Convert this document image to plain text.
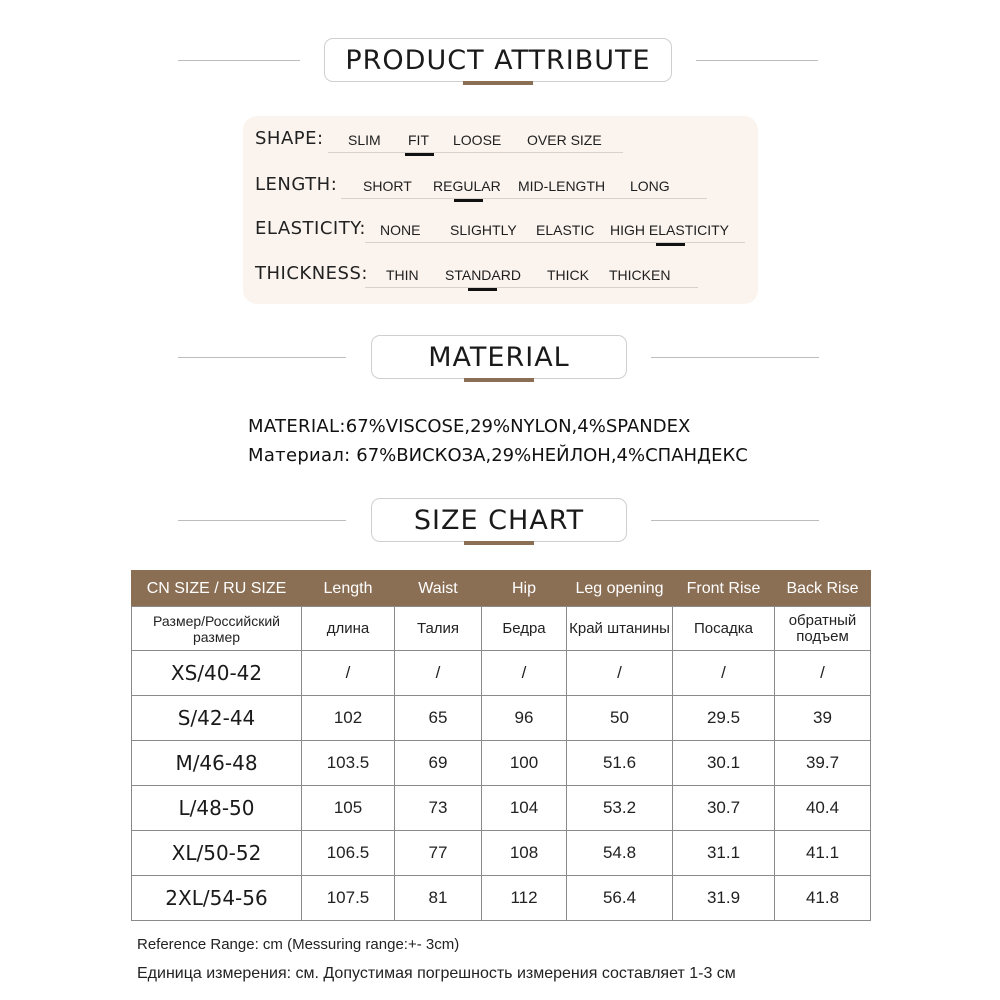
PRODUCT ATTRIBUTE
SHAPE: SLIM FIT LOOSE OVER SIZE
LENGTH: SHORT REGULAR MID-LENGTH LONG
ELASTICITY: NONE SLIGHTLY ELASTIC HIGH ELASTICITY
THICKNESS: THIN STANDARD THICK THICKEN
MATERIAL
MATERIAL:67%VISCOSE,29%NYLON,4%SPANDEX
Материал: 67%ВИСКОЗА,29%НЕЙЛОН,4%СПАНДЕКС
SIZE CHART
CN SIZE / RU SIZE	Length	Waist	Hip	Leg opening	Front Rise	Back Rise
Размер/Российский размер	длина	Талия	Бедра	Край штанины	Посадка	обратный подъем
XS/40-42	/	/	/	/	/	/
S/42-44	102	65	96	50	29.5	39
M/46-48	103.5	69	100	51.6	30.1	39.7
L/48-50	105	73	104	53.2	30.7	40.4
XL/50-52	106.5	77	108	54.8	31.1	41.1
2XL/54-56	107.5	81	112	56.4	31.9	41.8
Reference Range: cm (Messuring range:+- 3cm)
Единица измерения: см. Допустимая погрешность измерения составляет 1-3 см
